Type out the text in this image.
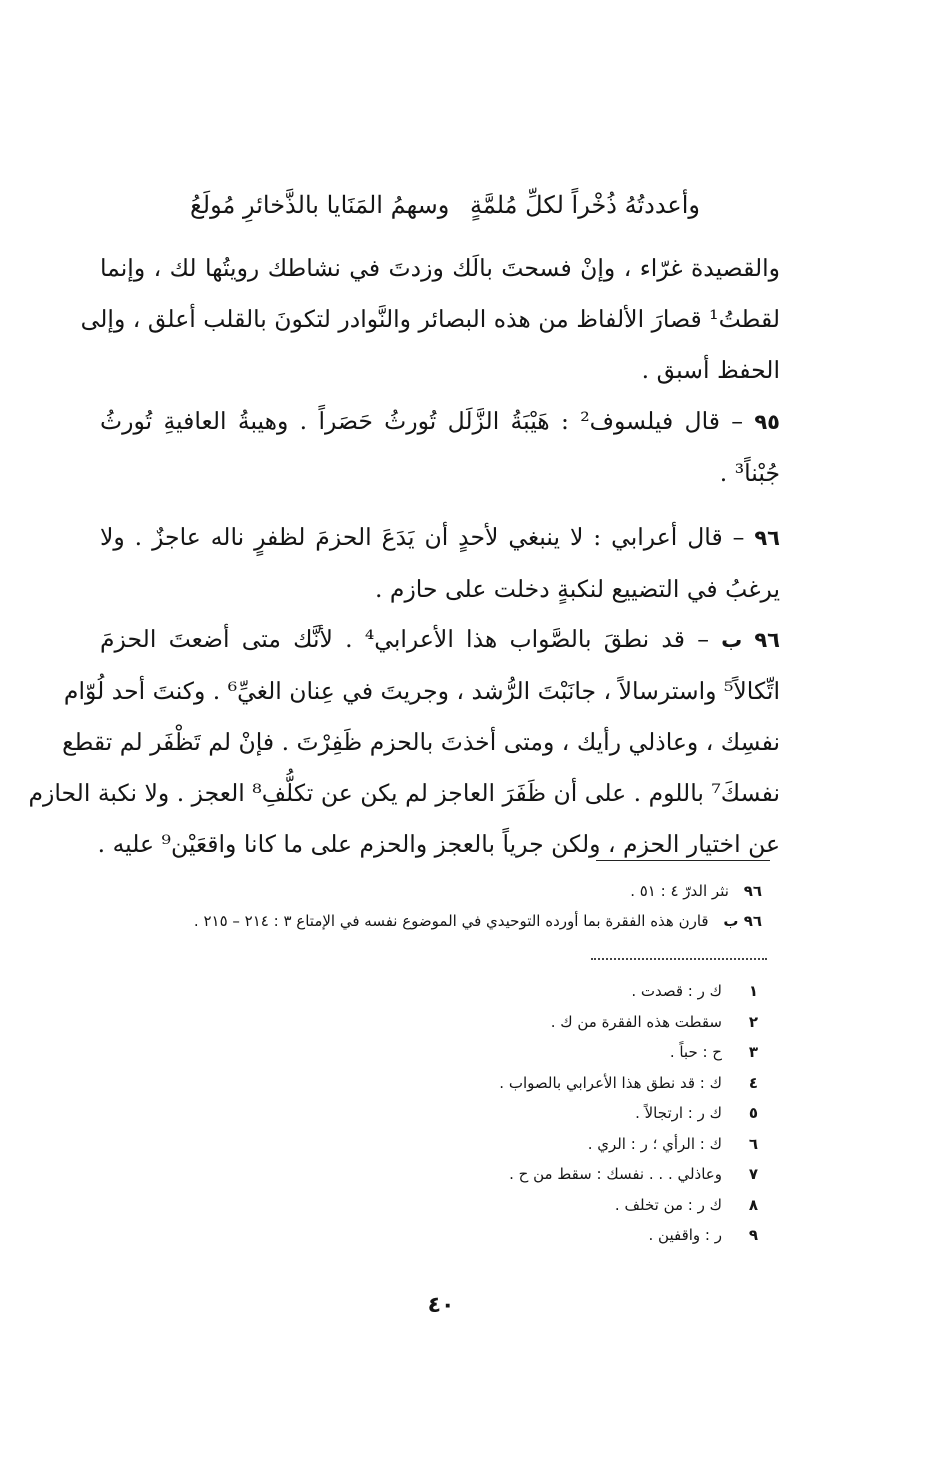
وأعددتُهُ ذُخْراً لكلِّ مُلمَّةٍ
وسهمُ المَنَايا بالذَّخائرِ مُولَعُ
والقصيدة غرّاء ، وإنْ فسحتَ بالَك وزدتَ في نشاطك رويتُها لك ، وإنما
لقطتُ¹ قصارَ الألفاظ من هذه البصائر والنَّوادر لتكونَ بالقلب أعلق ، وإلى
الحفظ أسبق .
٩٥ – قال فيلسوف² : هَيْبَةُ الزَّلَل تُورثُ حَصَراً . وهيبةُ العافيةِ تُورثُ
جُبْناً³ .
٩٦ – قال أعرابي : لا ينبغي لأحدٍ أن يَدَعَ الحزمَ لظفرٍ ناله عاجزٌ . ولا
يرغبُ في التضييع لنكبةٍ دخلت على حازم .
٩٦ ب – قد نطقَ بالصَّواب هذا الأعرابي⁴ . لأنَّك متى أضعتَ الحزمَ
اتِّكالاً⁵ واسترسالاً ، جانَبْتَ الرُّشد ، وجريتَ في عِنان الغيِّ⁶ . وكنتَ أحد لُوّام
نفسِك ، وعاذلي رأيك ، ومتى أخذتَ بالحزم ظَفِرْتَ . فإنْ لم تَظْفَر لم تقطع
نفسكَ⁷ باللوم . على أن ظَفَرَ العاجز لم يكن عن تكلُّفِ⁸ العجز . ولا نكبة الحازم
عن اختيار الحزم ، ولكن جرياً بالعجز والحزم على ما كانا واقعَيْن⁹ عليه .
٩٦ نثر الدرّ ٤ : ٥١ .
٩٦ ب قارن هذه الفقرة بما أورده التوحيدي في الموضوع نفسه في الإمتاع ٣ : ٢١٤ – ٢١٥ .
١ك ر : قصدت .
٢سقطت هذه الفقرة من ك .
٣ح : حباً .
٤ك : قد نطق هذا الأعرابي بالصواب .
٥ك ر : ارتجالاً .
٦ك : الرأي ؛ ر : الري .
٧وعاذلي . . . نفسك : سقط من ح .
٨ك ر : من تخلف .
٩ر : واقفين .
٤٠
